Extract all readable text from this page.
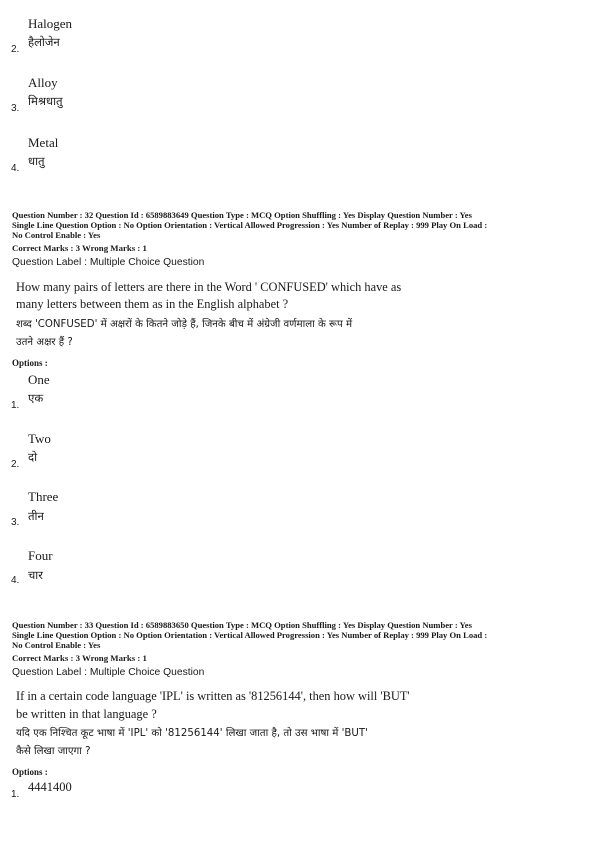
Halogen
हैलोजेन
2.
Alloy
मिश्रधातु
3.
Metal
धातु
4.
Question Number : 32 Question Id : 6589883649 Question Type : MCQ Option Shuffling : Yes Display Question Number : Yes
Single Line Question Option : No Option Orientation : Vertical Allowed Progression : Yes Number of Replay : 999 Play On Load :
No Control Enable : Yes
Correct Marks : 3 Wrong Marks : 1
Question Label : Multiple Choice Question
How many pairs of letters are there in the Word ' CONFUSED' which have as
many letters between them as in the English alphabet ?
शब्द 'CONFUSED' में अक्षरों के कितने जोड़े हैं, जिनके बीच में अंग्रेजी वर्णमाला के रूप में
उतने अक्षर हैं ?
Options :
One
एक
1.
Two
दो
2.
Three
तीन
3.
Four
चार
4.
Question Number : 33 Question Id : 6589883650 Question Type : MCQ Option Shuffling : Yes Display Question Number : Yes
Single Line Question Option : No Option Orientation : Vertical Allowed Progression : Yes Number of Replay : 999 Play On Load :
No Control Enable : Yes
Correct Marks : 3 Wrong Marks : 1
Question Label : Multiple Choice Question
If in a certain code language 'IPL' is written as '81256144', then how will 'BUT'
be written in that language ?
यदि एक निश्चित कूट भाषा में 'IPL' को '81256144' लिखा जाता है, तो उस भाषा में 'BUT'
कैसे लिखा जाएगा ?
Options :
4441400
1.
